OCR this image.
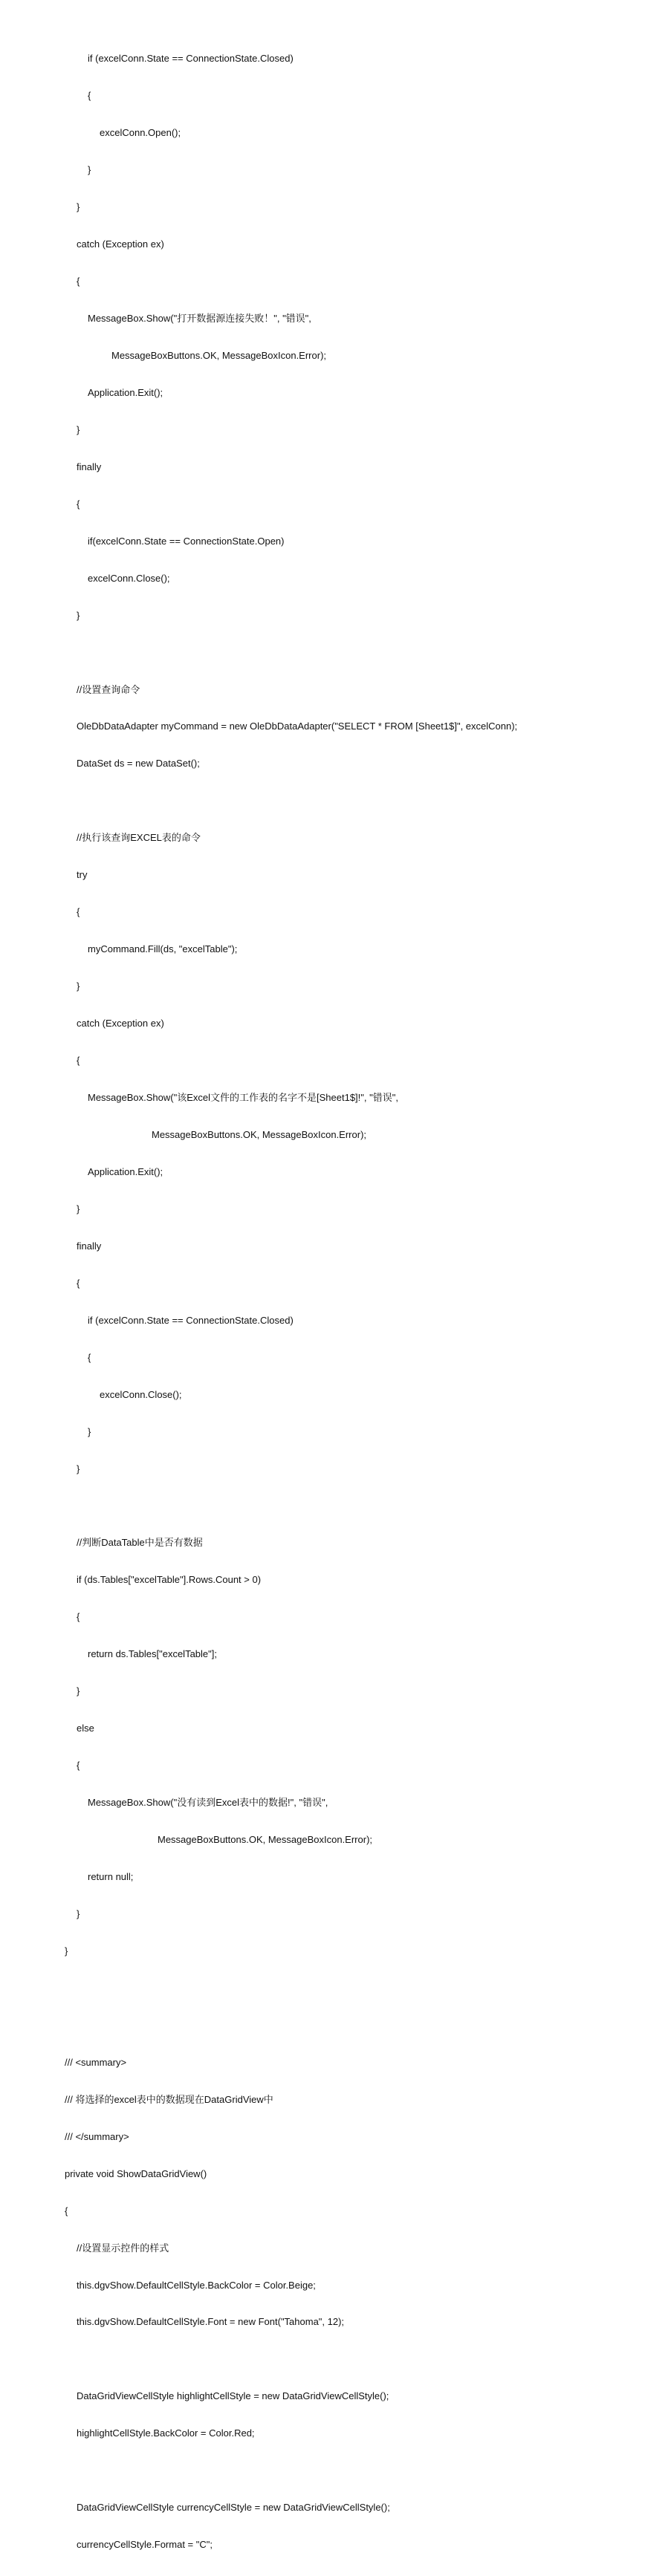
if (excelConn.State == ConnectionState.Closed)

{

excelConn.Open();

}

}

catch (Exception ex)

{

MessageBox.Show("打开数据源连接失败！", "错误",

MessageBoxButtons.OK, MessageBoxIcon.Error);

Application.Exit();

}

finally

{

if(excelConn.State == ConnectionState.Open)

excelConn.Close();

}

//设置查询命令

OleDbDataAdapter myCommand = new OleDbDataAdapter("SELECT * FROM [Sheet1$]", excelConn);

DataSet ds = new DataSet();

//执行该查询EXCEL表的命令

try

{

myCommand.Fill(ds, "excelTable");

}

catch (Exception ex)

{

MessageBox.Show("该Excel文件的工作表的名字不是[Sheet1$]!", "错误",

MessageBoxButtons.OK, MessageBoxIcon.Error);

Application.Exit();

}

finally

{

if (excelConn.State == ConnectionState.Closed)

{

excelConn.Close();

}

}

//判断DataTable中是否有数据

if (ds.Tables["excelTable"].Rows.Count > 0)

{

return ds.Tables["excelTable"];

}

else

{

MessageBox.Show("没有读到Excel表中的数据!", "错误",

MessageBoxButtons.OK, MessageBoxIcon.Error);

return null;

}

}

/// <summary>

/// 将选择的excel表中的数据现在DataGridView中

/// </summary>

private void ShowDataGridView()

{

//设置显示控件的样式

this.dgvShow.DefaultCellStyle.BackColor = Color.Beige;

this.dgvShow.DefaultCellStyle.Font = new Font("Tahoma", 12);

DataGridViewCellStyle highlightCellStyle = new DataGridViewCellStyle();

highlightCellStyle.BackColor = Color.Red;

DataGridViewCellStyle currencyCellStyle = new DataGridViewCellStyle();

currencyCellStyle.Format = "C";
